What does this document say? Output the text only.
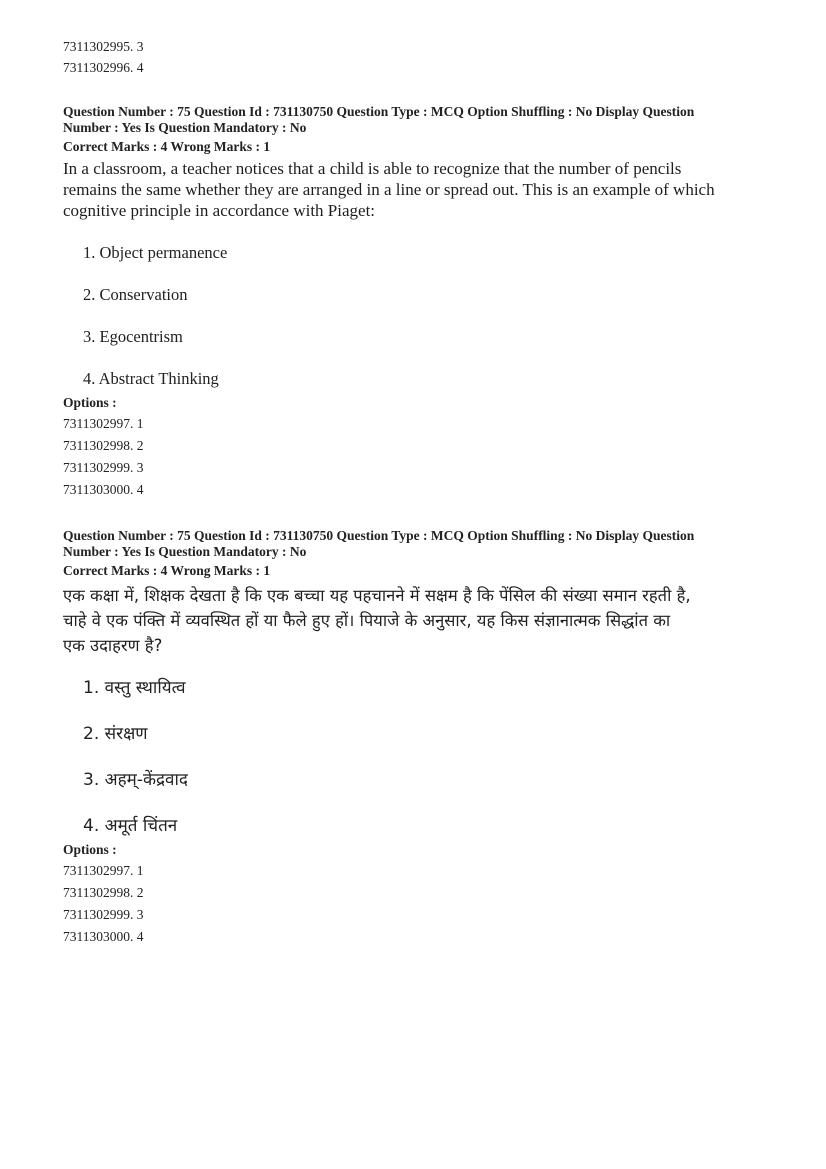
7311302995. 3
7311302996. 4
Question Number : 75 Question Id : 731130750 Question Type : MCQ Option Shuffling : No Display Question
Number : Yes Is Question Mandatory : No
Correct Marks : 4 Wrong Marks : 1
In a classroom, a teacher notices that a child is able to recognize that the number of pencils
remains the same whether they are arranged in a line or spread out. This is an example of which
cognitive principle in accordance with Piaget:
1. Object permanence
2. Conservation
3. Egocentrism
4. Abstract Thinking
Options :
7311302997. 1
7311302998. 2
7311302999. 3
7311303000. 4
Question Number : 75 Question Id : 731130750 Question Type : MCQ Option Shuffling : No Display Question
Number : Yes Is Question Mandatory : No
Correct Marks : 4 Wrong Marks : 1
एक कक्षा में, शिक्षक देखता है कि एक बच्चा यह पहचानने में सक्षम है कि पेंसिल की संख्या समान रहती है,
चाहे वे एक पंक्ति में व्यवस्थित हों या फैले हुए हों। पियाजे के अनुसार, यह किस संज्ञानात्मक सिद्धांत का
एक उदाहरण है?
1. वस्तु स्थायित्व
2. संरक्षण
3. अहम्-केंद्रवाद
4. अमूर्त चिंतन
Options :
7311302997. 1
7311302998. 2
7311302999. 3
7311303000. 4
